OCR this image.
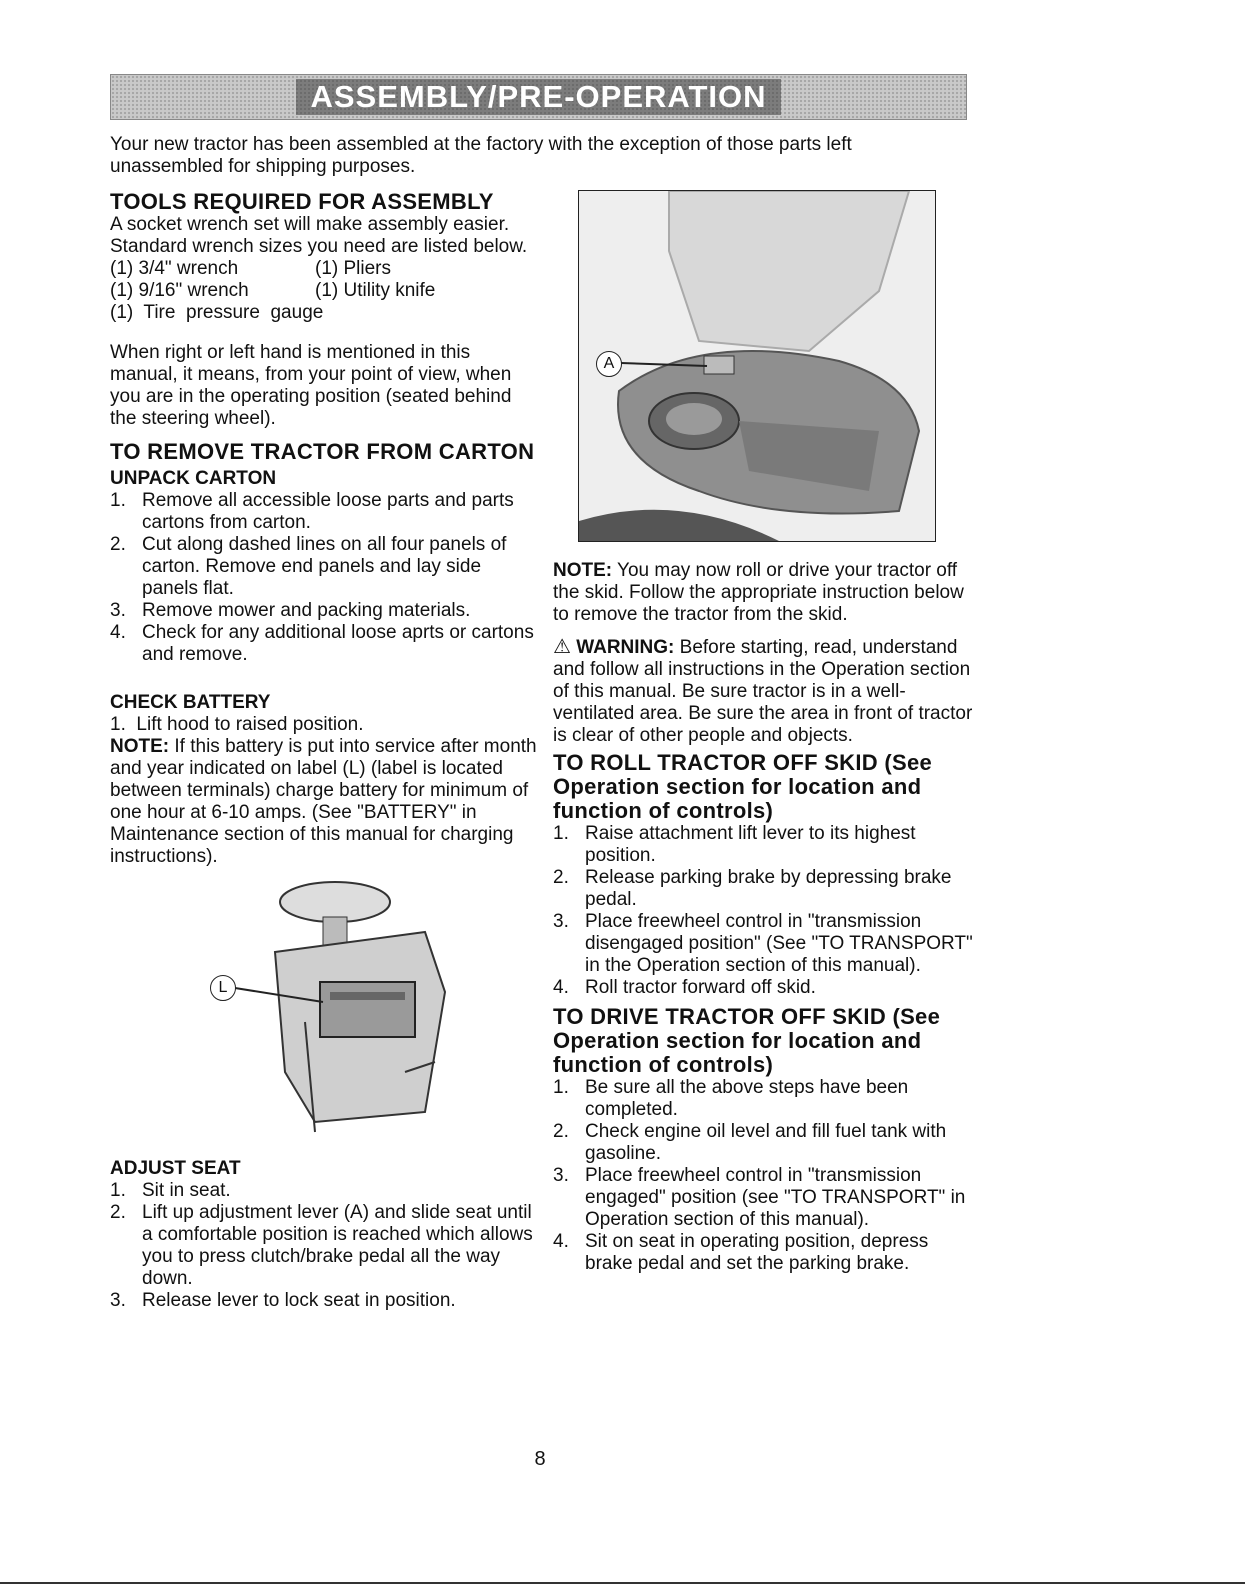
ASSEMBLY/PRE-OPERATION

Your new tractor has been assembled at the factory with the exception of those parts left unassembled for shipping purposes.

TOOLS REQUIRED FOR ASSEMBLY

A socket wrench set will make assembly easier. Standard wrench sizes you need are listed below.

(1) 3/4" wrench	(1) Pliers
(1) 9/16" wrench	(1) Utility knife

(1)  Tire  pressure  gauge

When right or left hand is mentioned in this manual, it means, from your point of view, when you are in the operating position (seated behind the steering wheel).

TO REMOVE TRACTOR FROM CARTON
UNPACK CARTON
1. Remove all accessible loose parts and parts cartons from carton.
2. Cut along dashed lines on all four panels of carton. Remove end panels and lay side panels flat.
3. Remove mower and packing materials.
4. Check for any additional loose aprts or cartons and remove.
CHECK BATTERY

1.  Lift hood to raised position.

NOTE: If this battery is put into service after month and year indicated on label (L) (label is located between terminals) charge battery for minimum of one hour at 6-10 amps. (See "BATTERY" in Maintenance section of this manual for charging instructions).

L
ADJUST SEAT
1. Sit in seat.
2. Lift up adjustment lever (A) and slide seat until a comfortable position is reached which allows you to press clutch/brake pedal all the way down.
3. Release lever to lock seat in position.
A

NOTE: You may now roll or drive your tractor off the skid. Follow the appropriate instruction below to remove the tractor from the skid.

⚠ WARNING: Before starting, read, understand and follow all instructions in the Operation section of this manual. Be sure tractor is in a well-ventilated area. Be sure the area in front of tractor is clear of other people and objects.

TO ROLL TRACTOR OFF SKID (See Operation section for location and function of controls)
1. Raise attachment lift lever to its highest position.
2. Release parking brake by depressing brake pedal.
3. Place freewheel control in "transmission disengaged position" (See "TO TRANSPORT" in the Operation section of this manual).
4. Roll tractor forward off skid.
TO DRIVE TRACTOR OFF SKID (See Operation section for location and function of controls)
1. Be sure all the above steps have been completed.
2. Check engine oil level and fill fuel tank with gasoline.
3. Place freewheel control in "transmission engaged" position (see "TO TRANSPORT" in Operation section of this manual).
4. Sit on seat in operating position, depress brake pedal and set the parking brake.
8
